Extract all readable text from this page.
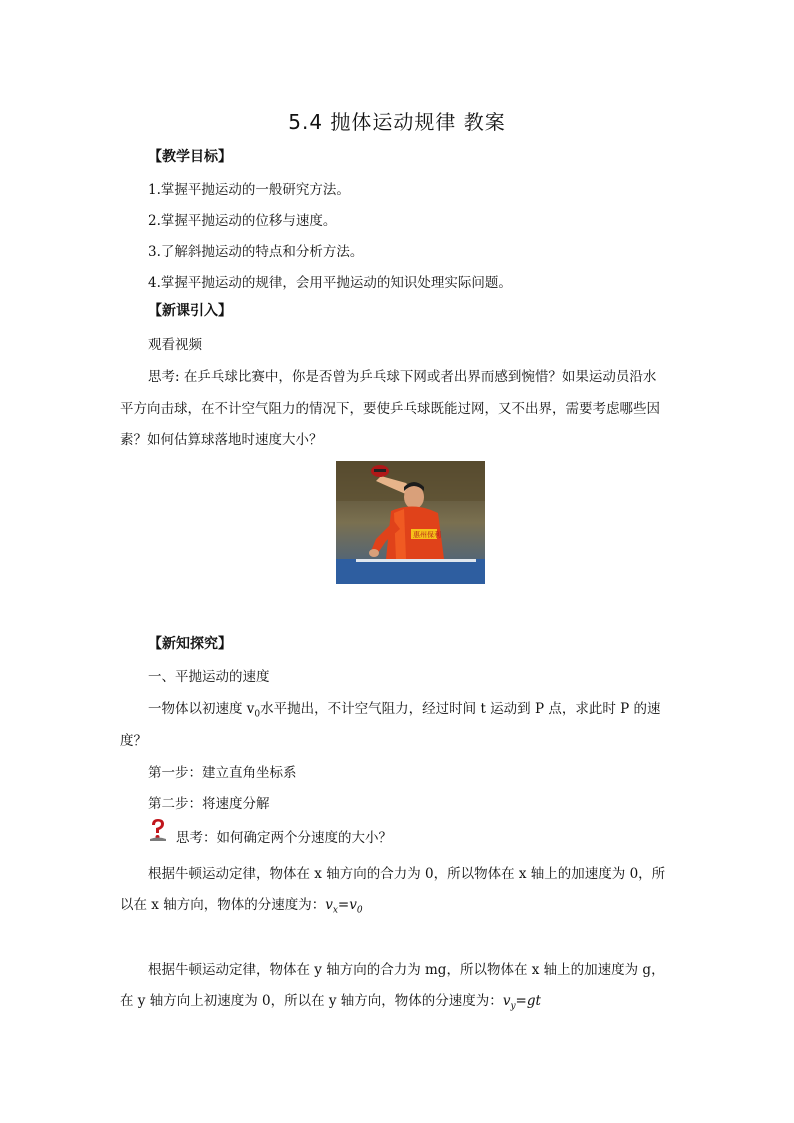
5.4 抛体运动规律 教案
【教学目标】
1.掌握平抛运动的一般研究方法。
2.掌握平抛运动的位移与速度。
3.了解斜抛运动的特点和分析方法。
4.掌握平抛运动的规律，会用平抛运动的知识处理实际问题。
【新课引入】
观看视频
思考: 在乒乓球比赛中，你是否曾为乒乓球下网或者出界而感到惋惜？如果运动员沿水
平方向击球，在不计空气阻力的情况下，要使乒乓球既能过网，又不出界，需要考虑哪些因
素？如何估算球落地时速度大小？
惠州保利
【新知探究】
一、平抛运动的速度
一物体以初速度 $v_0$水平抛出，不计空气阻力，经过时间 t 运动到 P 点，求此时 P 的速
度？
第一步：建立直角坐标系
第二步：将速度分解
思考：如何确定两个分速度的大小？
根据牛顿运动定律，物体在 x 轴方向的合力为 0，所以物体在 x 轴上的加速度为 0，所
以在 x 轴方向，物体的分速度为：$v_x=v_0$
根据牛顿运动定律，物体在 y 轴方向的合力为 mg，所以物体在 x 轴上的加速度为 g，
在 y 轴方向上初速度为 0，所以在 y 轴方向，物体的分速度为：$v_y=gt$
